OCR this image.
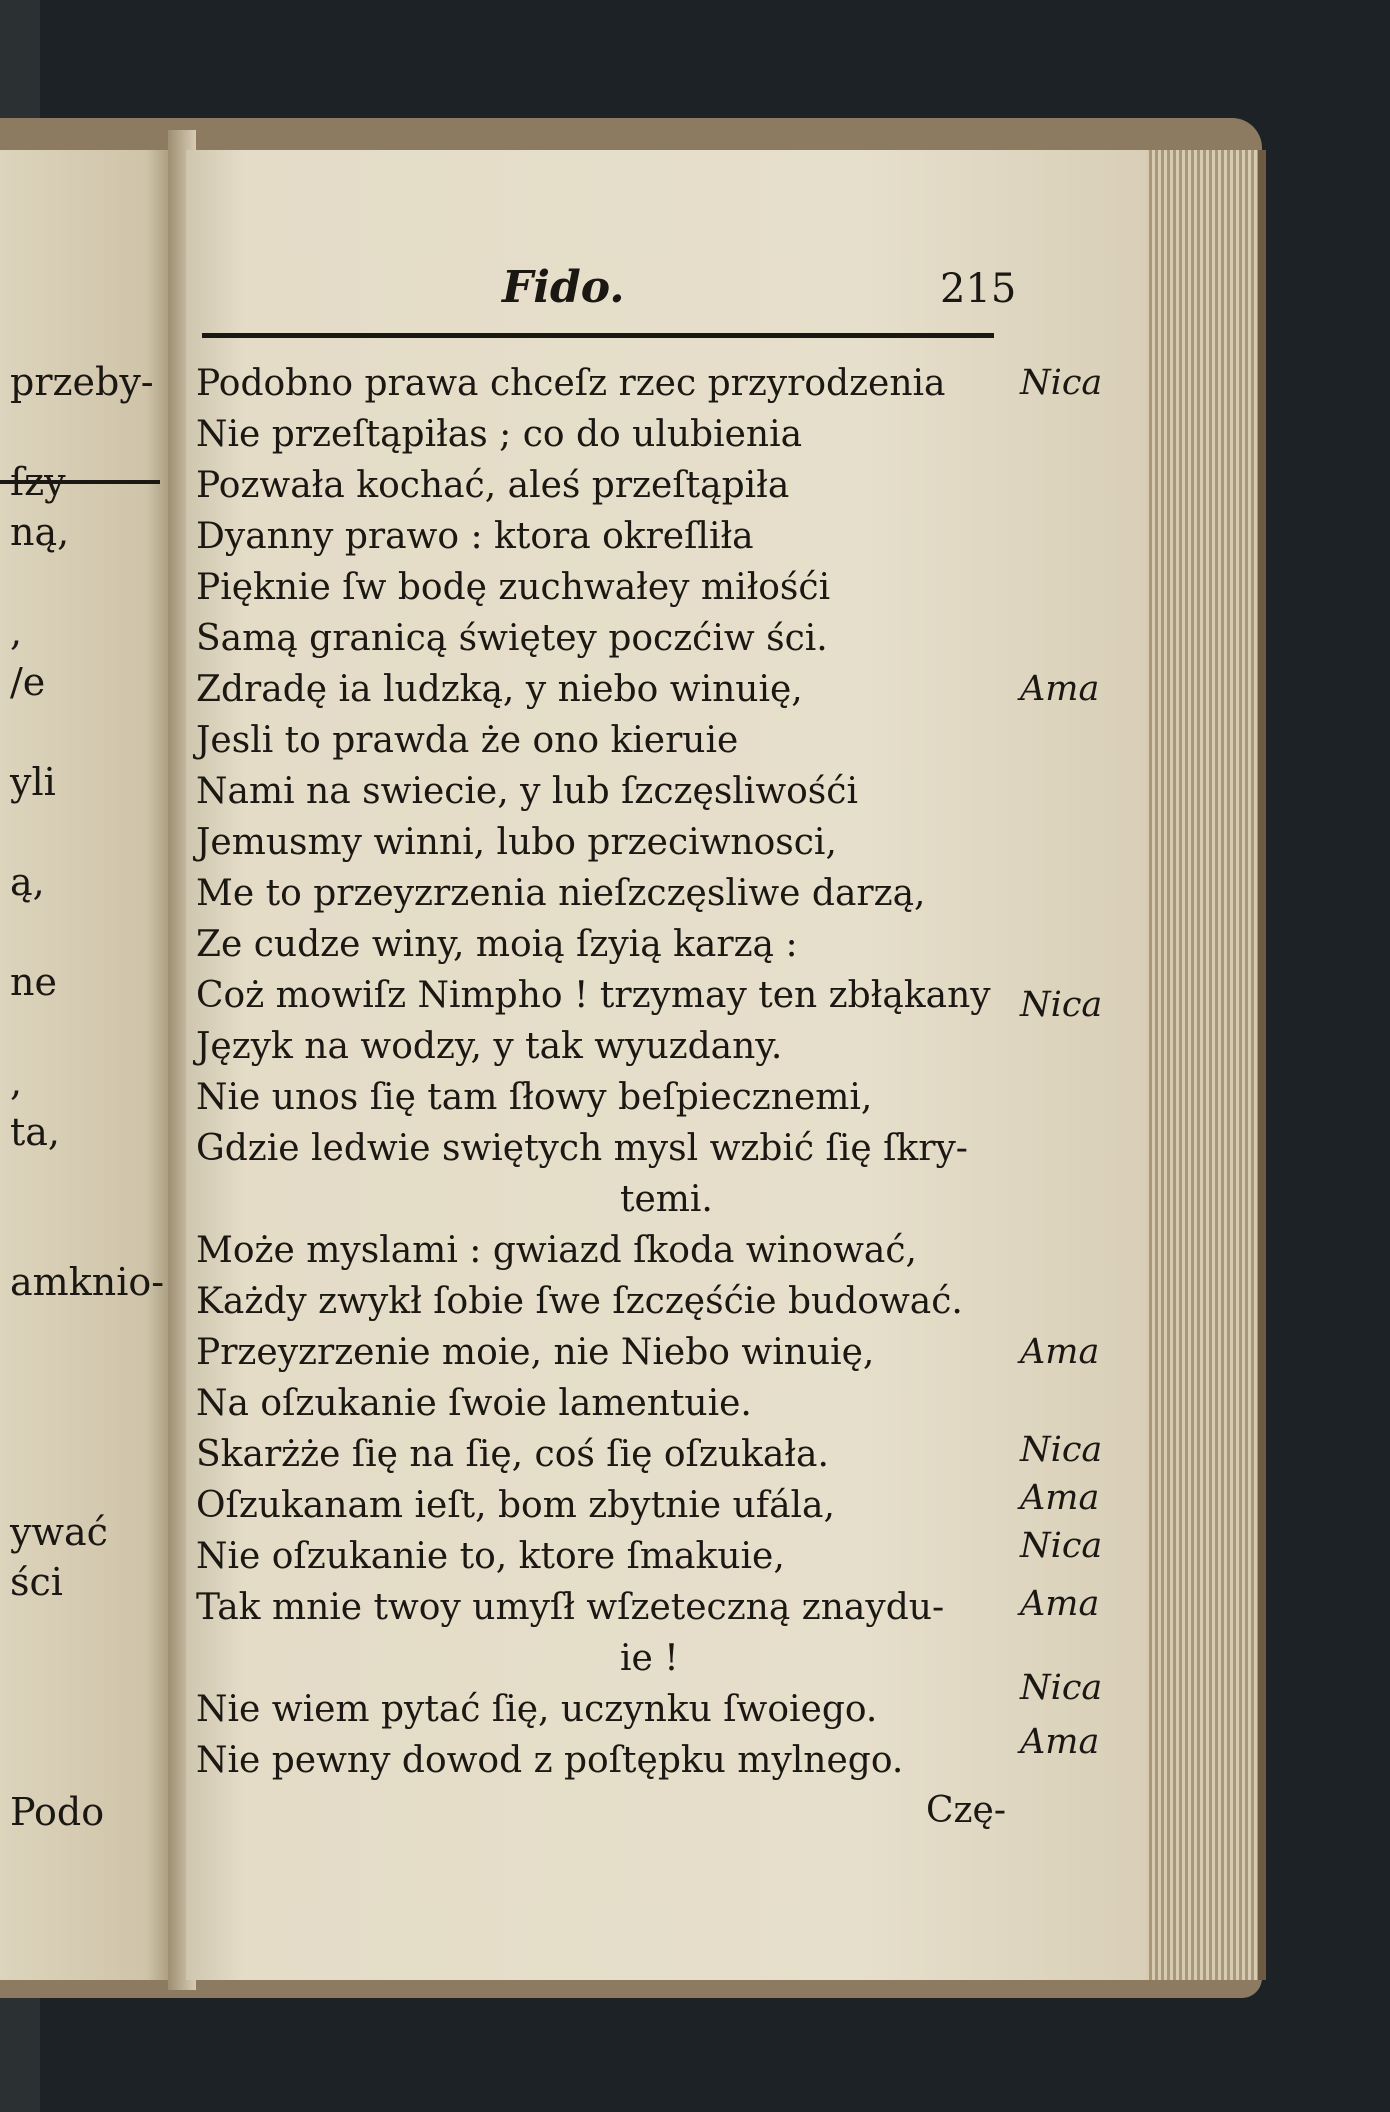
przeby-
ſzy
ną,
,
/e
yli
ą,
ne
,
ta,
amknio-
ywać
ści
Podo
Fido.	215
Podobno prawa chceſz rzec przyrodzenia
Nie przeſtąpiłas ; co do ulubienia
Pozwała kochać, aleś przeſtąpiła
Dyanny prawo : ktora okreſliła
Pięknie ſw bodę zuchwałey miłośći
Samą granicą świętey poczćiw ści.
Zdradę ia ludzką, y niebo winuię,
Jesli to prawda że ono kieruie
Nami na swiecie, y lub ſzczęsliwośći
Jemusmy winni, lubo przeciwnosci,
Me to przeyzrzenia nieſzczęsliwe darzą,
Ze cudze winy, moią ſzyią karzą :
Coż mowiſz Nimpho ! trzymay ten zbłąkany
Język na wodzy, y tak wyuzdany.
Nie unos ſię tam ſłowy beſpiecznemi,
Gdzie ledwie swiętych mysl wzbić ſię ſkry-
temi.
Może myslami : gwiazd ſkoda winować,
Każdy zwykł ſobie ſwe ſzczęśćie budować.
Przeyzrzenie moie, nie Niebo winuię,
Na oſzukanie ſwoie lamentuie.
Skarżże ſię na ſię, coś ſię oſzukała.
Oſzukanam ieſt, bom zbytnie ufála,
Nie oſzukanie to, ktore ſmakuie,
Tak mnie twoy umyſł wſzeteczną znaydu-
ie !
Nie wiem pytać ſię, uczynku ſwoiego.
Nie pewny dowod z poſtępku mylnego.
Nica
Ama
Nica
Ama
Nica
Ama
Nica
Ama
Nica
Ama
Czę-
